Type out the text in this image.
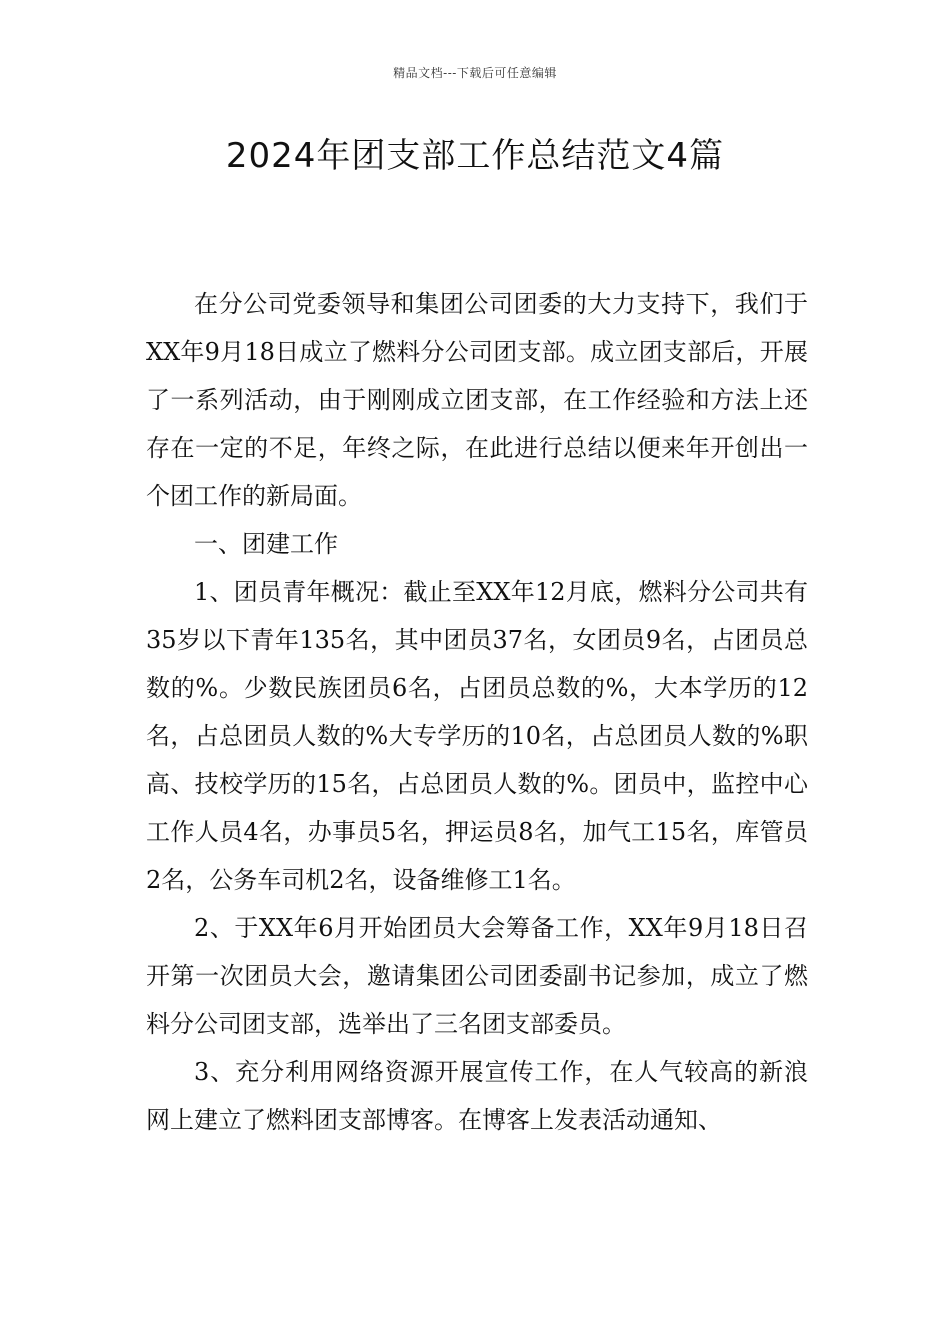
精品文档---下载后可任意编辑
2024年团支部工作总结范文4篇

在分公司党委领导和集团公司团委的大力支持下，我们于XX年9月18日成立了燃料分公司团支部。成立团支部后，开展了一系列活动，由于刚刚成立团支部，在工作经验和方法上还存在一定的不足，年终之际，在此进行总结以便来年开创出一个团工作的新局面。

一、团建工作

1、团员青年概况：截止至XX年12月底，燃料分公司共有35岁以下青年135名，其中团员37名，女团员9名，占团员总数的%。少数民族团员6名，占团员总数的%，大本学历的12名，占总团员人数的%大专学历的10名，占总团员人数的%职高、技校学历的15名，占总团员人数的%。团员中，监控中心工作人员4名，办事员5名，押运员8名，加气工15名，库管员2名，公务车司机2名，设备维修工1名。

2、于XX年6月开始团员大会筹备工作，XX年9月18日召开第一次团员大会，邀请集团公司团委副书记参加，成立了燃料分公司团支部，选举出了三名团支部委员。

3、充分利用网络资源开展宣传工作，在人气较高的新浪网上建立了燃料团支部博客。在博客上发表活动通知、
